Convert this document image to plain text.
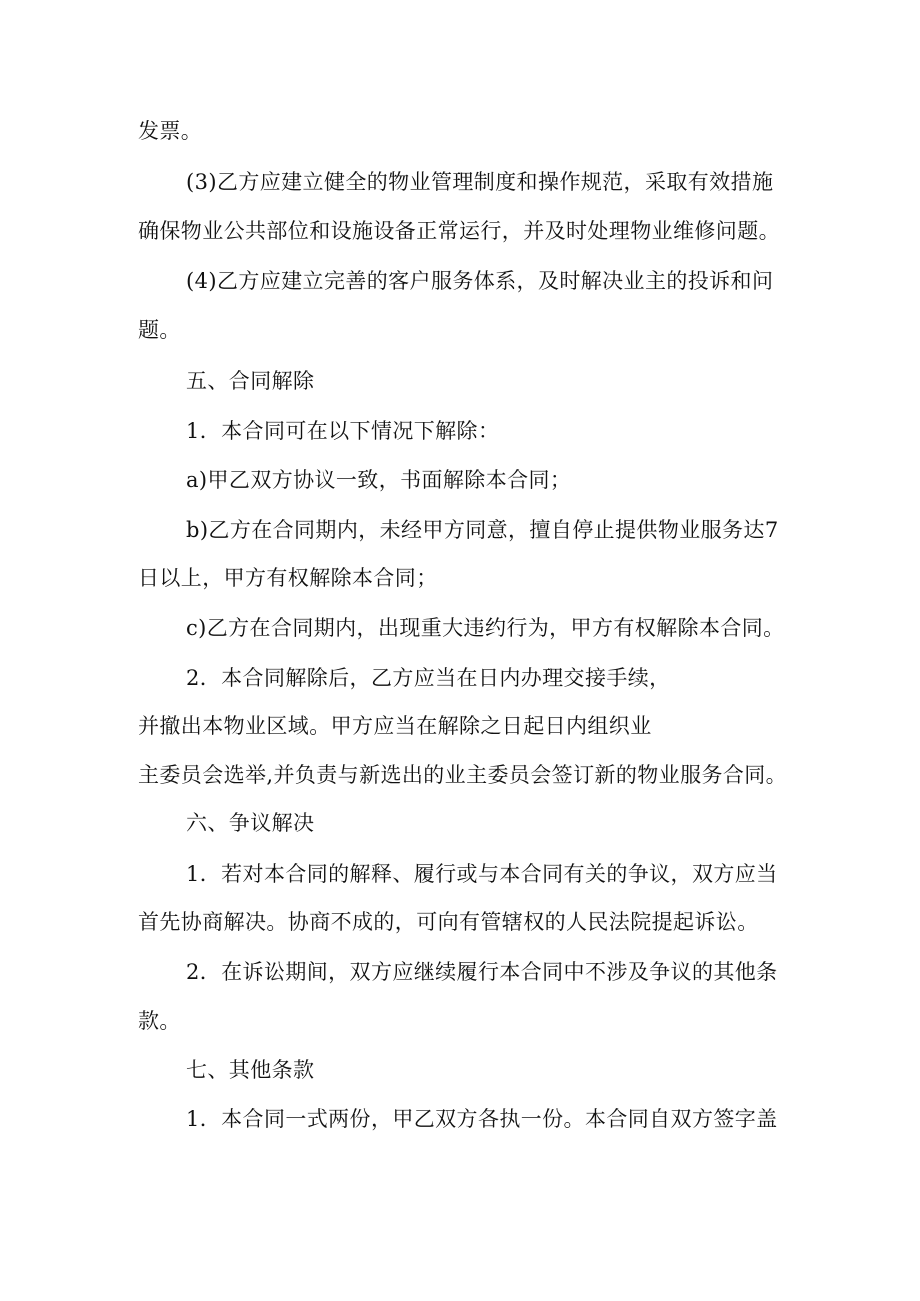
发票。
(3)乙方应建立健全的物业管理制度和操作规范，采取有效措施
确保物业公共部位和设施设备正常运行，并及时处理物业维修问题。
(4)乙方应建立完善的客户服务体系，及时解决业主的投诉和问
题。
五、合同解除
1．本合同可在以下情况下解除：
a)甲乙双方协议一致，书面解除本合同；
b)乙方在合同期内，未经甲方同意，擅自停止提供物业服务达7
日以上，甲方有权解除本合同；
c)乙方在合同期内，出现重大违约行为，甲方有权解除本合同。
2．本合同解除后，乙方应当在日内办理交接手续，
并撤出本物业区域。甲方应当在解除之日起日内组织业
主委员会选举,并负责与新选出的业主委员会签订新的物业服务合同。
六、争议解决
1．若对本合同的解释、履行或与本合同有关的争议，双方应当
首先协商解决。协商不成的，可向有管辖权的人民法院提起诉讼。
2．在诉讼期间，双方应继续履行本合同中不涉及争议的其他条
款。
七、其他条款
1．本合同一式两份，甲乙双方各执一份。本合同自双方签字盖
